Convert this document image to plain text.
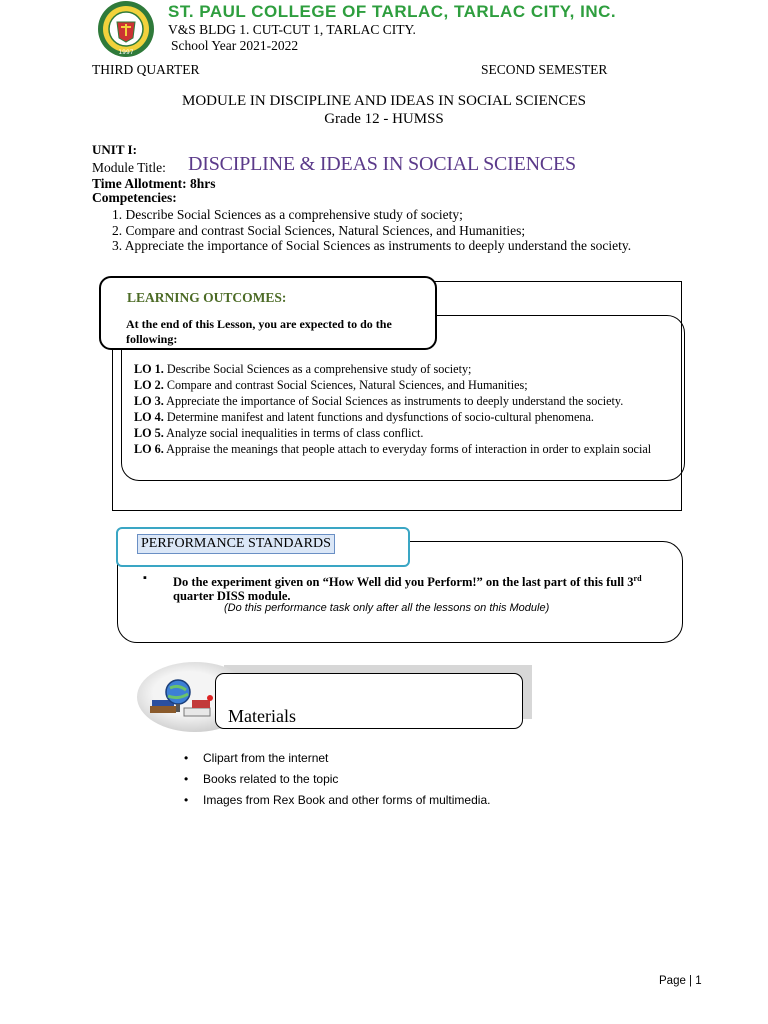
1997
ST. PAUL COLLEGE OF TARLAC, TARLAC CITY, INC.
V&S BLDG 1. CUT-CUT 1, TARLAC CITY.
School Year 2021-2022
THIRD QUARTER	SECOND SEMESTER
MODULE IN DISCIPLINE AND IDEAS IN SOCIAL SCIENCES
Grade 12 - HUMSS
UNIT I:
Module Title: DISCIPLINE & IDEAS IN SOCIAL SCIENCES
Time Allotment: 8hrs
Competencies:
1. Describe Social Sciences as a comprehensive study of society;
2. Compare and contrast Social Sciences, Natural Sciences, and Humanities;
3. Appreciate the importance of Social Sciences as instruments to deeply understand the society.
LEARNING OUTCOMES:
At the end of this Lesson, you are expected to do the following:
LO 1. Describe Social Sciences as a comprehensive study of society;
LO 2. Compare and contrast Social Sciences, Natural Sciences, and Humanities;
LO 3. Appreciate the importance of Social Sciences as instruments to deeply understand the society.
LO 4. Determine manifest and latent functions and dysfunctions of socio-cultural phenomena.
LO 5. Analyze social inequalities in terms of class conflict.
LO 6. Appraise the meanings that people attach to everyday forms of interaction in order to explain social
PERFORMANCE STANDARDS
▪ Do the experiment given on “How Well did you Perform!” on the last part of this full 3rd quarter DISS module.
(Do this performance task only after all the lessons on this Module)
Materials
• Clipart from the internet
• Books related to the topic
• Images from Rex Book and other forms of multimedia.
Page | 1
